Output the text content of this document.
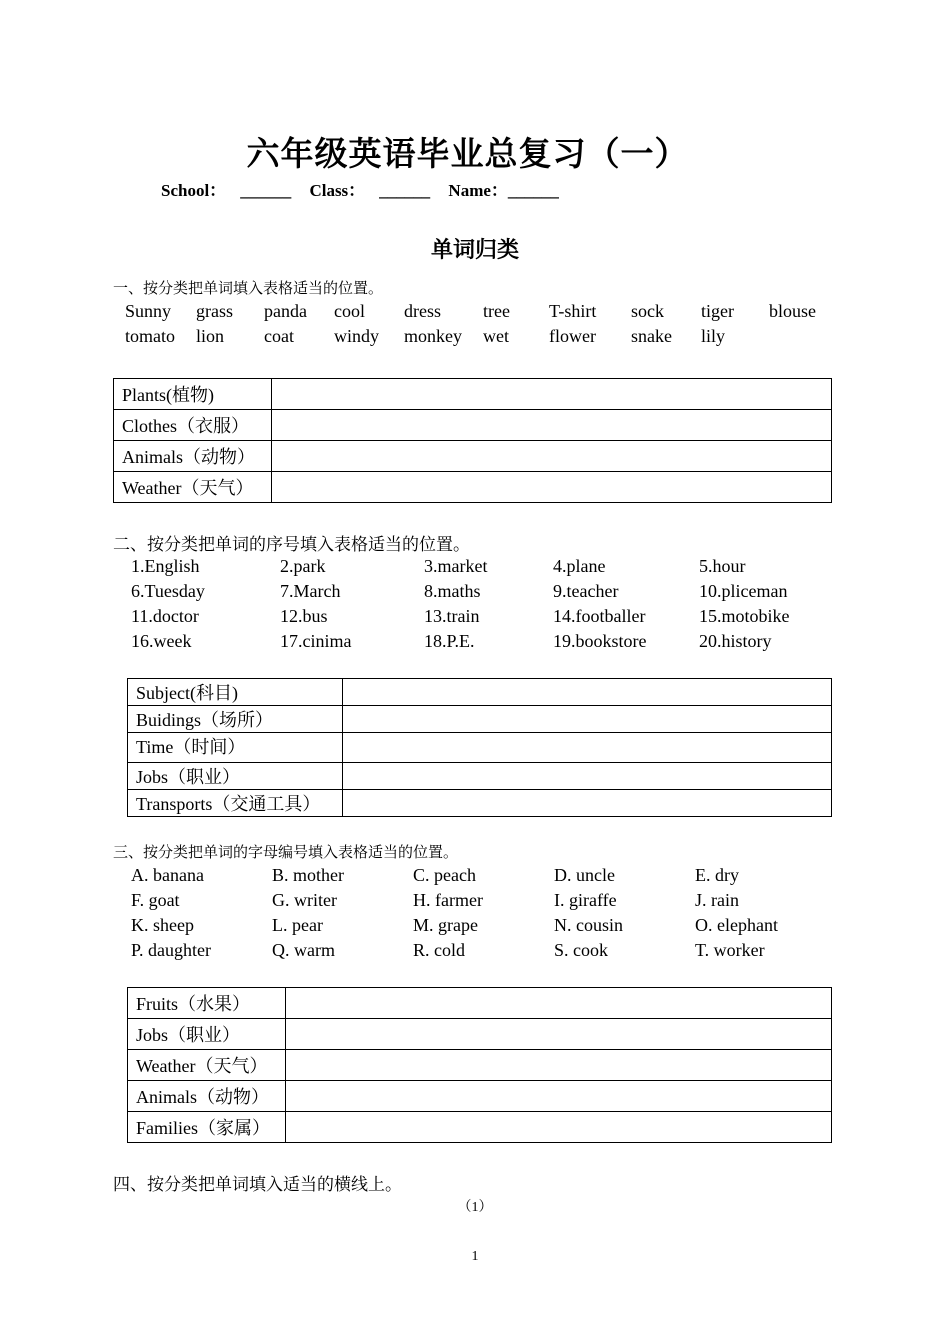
六年级英语毕业总复习（一）
School： ______ Class： ______ Name：______
单词归类
一、按分类把单词填入表格适当的位置。
Sunny grass panda cool dress tree T-shirt sock tiger blouse
tomato lion coat windy monkey wet flower snake lily
Plants(植物)	
Clothes（衣服）	
Animals（动物）	
Weather（天气）	
二、按分类把单词的序号填入表格适当的位置。
1.English	2.park	3.market	4.plane	5.hour
6.Tuesday	7.March	8.maths	9.teacher	10.pliceman
11.doctor	12.bus	13.train	14.footballer	15.motobike
16.week	17.cinima	18.P.E.	19.bookstore	20.history
Subject(科目)	
Buidings（场所）	
Time（时间）	
Jobs（职业）	
Transports（交通工具）	
三、按分类把单词的字母编号填入表格适当的位置。
A. banana	B. mother	C. peach	D. uncle	E. dry
F. goat	G. writer	H. farmer	I. giraffe	J. rain
K. sheep	L. pear	M. grape	N. cousin	O. elephant
P. daughter	Q. warm	R. cold	S. cook	T. worker
Fruits（水果）	
Jobs（职业）	
Weather（天气）	
Animals（动物）	
Families（家属）	
四、按分类把单词填入适当的横线上。
（1）
1
